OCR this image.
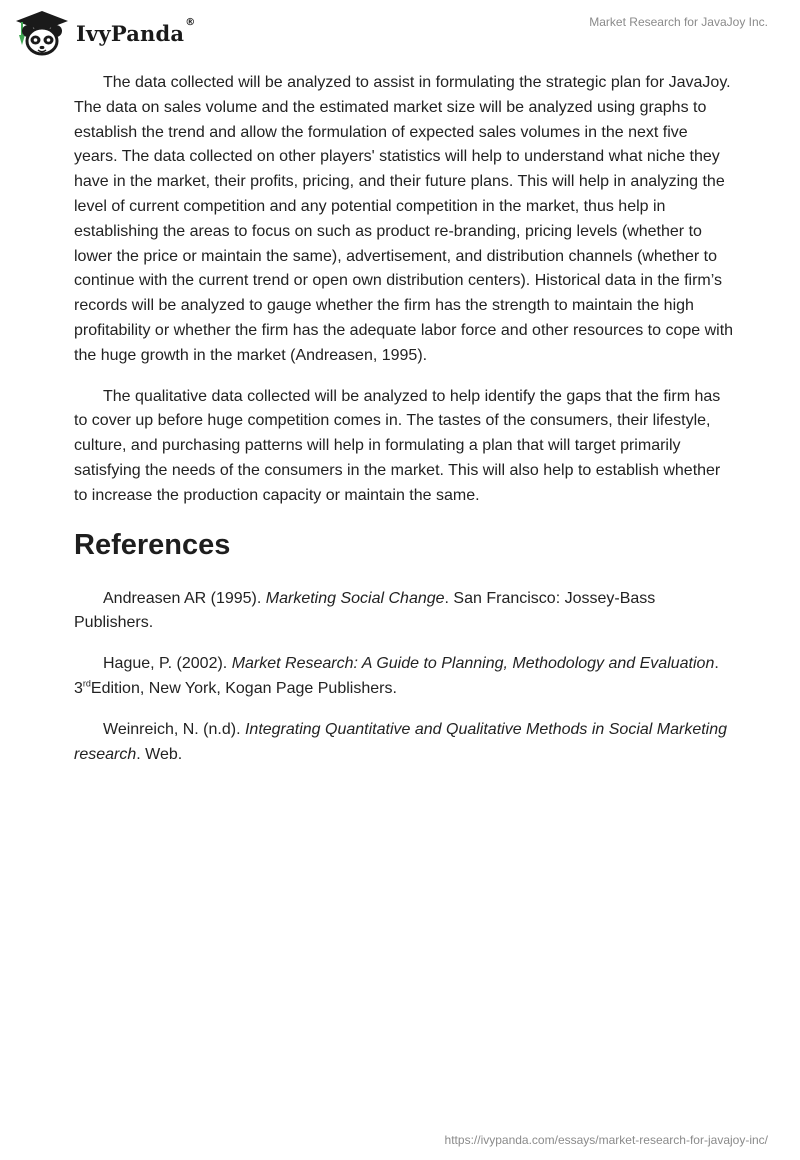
IvyPanda®	Market Research for JavaJoy Inc.

The data collected will be analyzed to assist in formulating the strategic plan for JavaJoy. The data on sales volume and the estimated market size will be analyzed using graphs to establish the trend and allow the formulation of expected sales volumes in the next five years. The data collected on other players' statistics will help to understand what niche they have in the market, their profits, pricing, and their future plans. This will help in analyzing the level of current competition and any potential competition in the market, thus help in establishing the areas to focus on such as product re-branding, pricing levels (whether to lower the price or maintain the same), advertisement, and distribution channels (whether to continue with the current trend or open own distribution centers). Historical data in the firm’s records will be analyzed to gauge whether the firm has the strength to maintain the high profitability or whether the firm has the adequate labor force and other resources to cope with the huge growth in the market (Andreasen, 1995).

The qualitative data collected will be analyzed to help identify the gaps that the firm has to cover up before huge competition comes in. The tastes of the consumers, their lifestyle, culture, and purchasing patterns will help in formulating a plan that will target primarily satisfying the needs of the consumers in the market. This will also help to establish whether to increase the production capacity or maintain the same.

References

Andreasen AR (1995). Marketing Social Change. San Francisco: Jossey-Bass Publishers.

Hague, P. (2002). Market Research: A Guide to Planning, Methodology and Evaluation. 3rdEdition, New York, Kogan Page Publishers.

Weinreich, N. (n.d). Integrating Quantitative and Qualitative Methods in Social Marketing research. Web.

https://ivypanda.com/essays/market-research-for-javajoy-inc/
